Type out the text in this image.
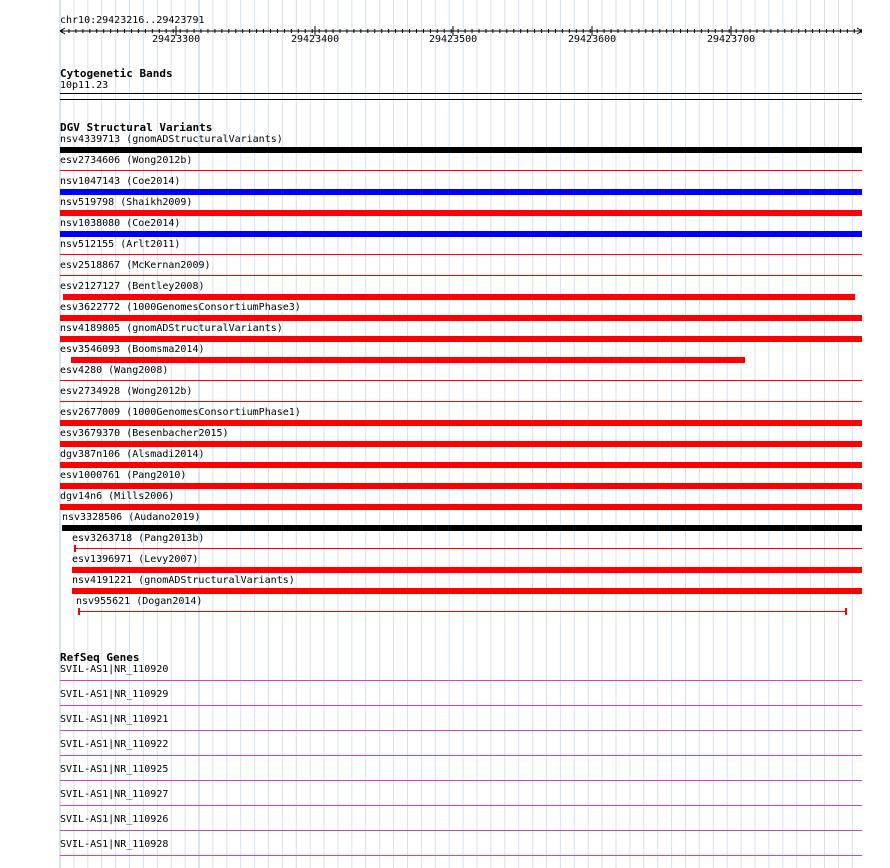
chr10:29423216..29423791
29423300	29423400	29423500	29423600	29423700
Cytogenetic Bands
10p11.23
DGV Structural Variants
nsv4339713 (gnomADStructuralVariants)
esv2734606 (Wong2012b)
nsv1047143 (Coe2014)
nsv519798 (Shaikh2009)
nsv1038080 (Coe2014)
nsv512155 (Arlt2011)
esv2518867 (McKernan2009)
esv2127127 (Bentley2008)
esv3622772 (1000GenomesConsortiumPhase3)
nsv4189805 (gnomADStructuralVariants)
esv3546093 (Boomsma2014)
esv4280 (Wang2008)
esv2734928 (Wong2012b)
esv2677009 (1000GenomesConsortiumPhase1)
esv3679370 (Besenbacher2015)
dgv387n106 (Alsmadi2014)
esv1000761 (Pang2010)
dgv14n6 (Mills2006)
nsv3328506 (Audano2019)
esv3263718 (Pang2013b)
esv1396971 (Levy2007)
nsv4191221 (gnomADStructuralVariants)
nsv955621 (Dogan2014)
RefSeq Genes
SVIL-AS1|NR_110920
SVIL-AS1|NR_110929
SVIL-AS1|NR_110921
SVIL-AS1|NR_110922
SVIL-AS1|NR_110925
SVIL-AS1|NR_110927
SVIL-AS1|NR_110926
SVIL-AS1|NR_110928
